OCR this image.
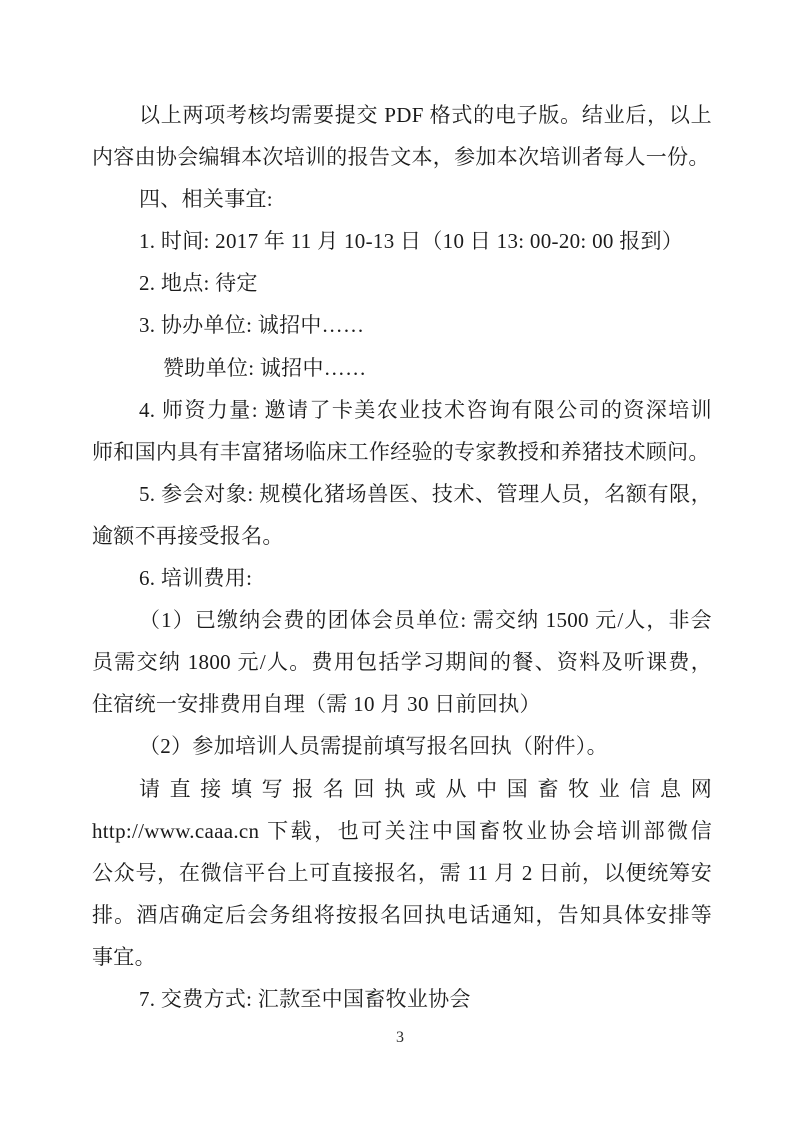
以上两项考核均需要提交 PDF 格式的电子版。结业后，以上
内容由协会编辑本次培训的报告文本，参加本次培训者每人一份。
四、相关事宜:
1. 时间: 2017 年 11 月 10-13 日（10 日 13: 00-20: 00 报到）
2. 地点: 待定
3. 协办单位: 诚招中……
赞助单位: 诚招中……
4. 师资力量: 邀请了卡美农业技术咨询有限公司的资深培训
师和国内具有丰富猪场临床工作经验的专家教授和养猪技术顾问。
5. 参会对象: 规模化猪场兽医、技术、管理人员，名额有限，
逾额不再接受报名。
6. 培训费用:
（1）已缴纳会费的团体会员单位: 需交纳 1500 元/人，非会
员需交纳 1800 元/人。费用包括学习期间的餐、资料及听课费，
住宿统一安排费用自理（需 10 月 30 日前回执）
（2）参加培训人员需提前填写报名回执（附件）。
请直接填写报名回执或从中国畜牧业信息网
http://www.caaa.cn 下载，也可关注中国畜牧业协会培训部微信
公众号，在微信平台上可直接报名，需 11 月 2 日前，以便统筹安
排。酒店确定后会务组将按报名回执电话通知，告知具体安排等
事宜。
7. 交费方式: 汇款至中国畜牧业协会
3
